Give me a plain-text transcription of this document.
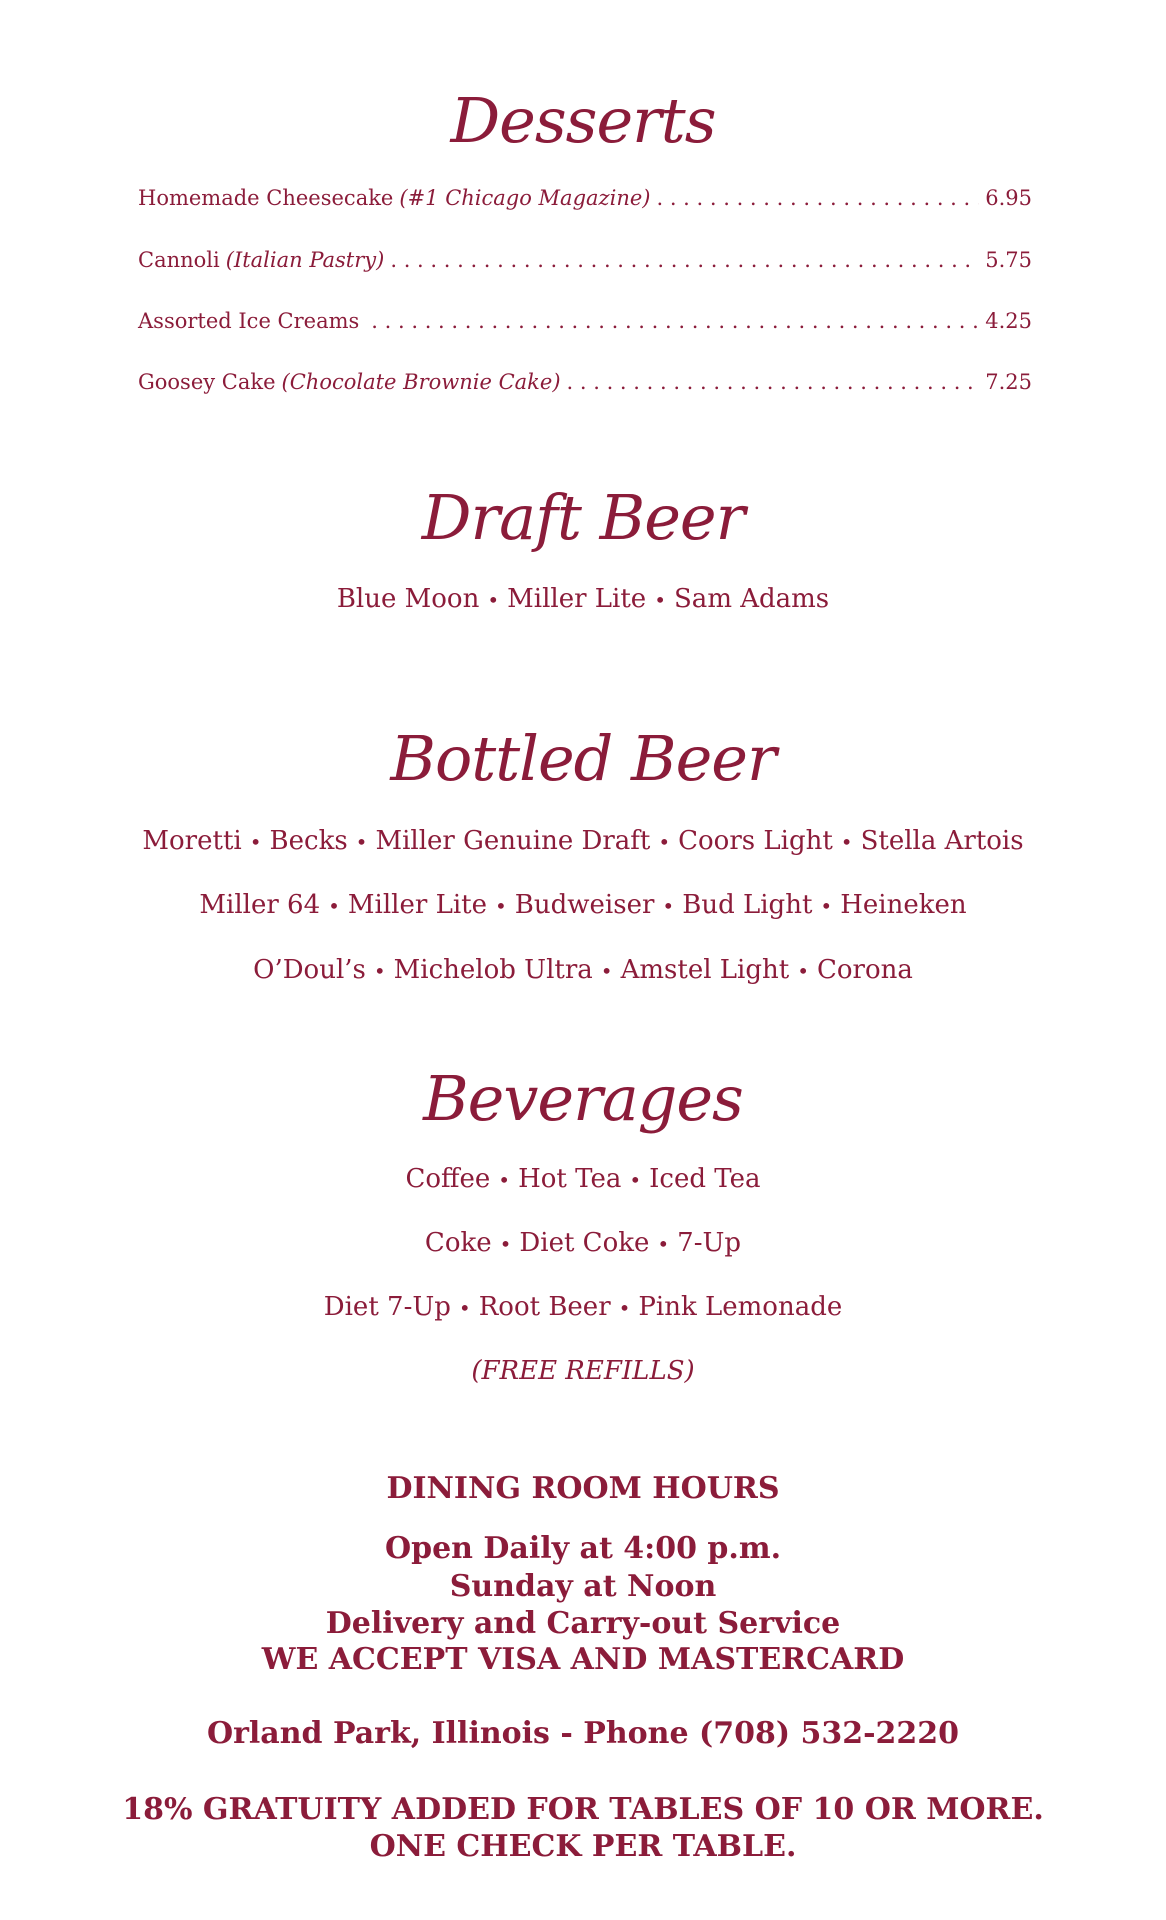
Desserts
Homemade Cheesecake (#1 Chicago Magazine) . . .	6.95
Cannoli (Italian Pastry) . . .	5.75
Assorted Ice Creams . . .	4.25
Goosey Cake (Chocolate Brownie Cake) . . .	7.25
Draft Beer
Blue Moon • Miller Lite • Sam Adams
Bottled Beer
Moretti • Becks • Miller Genuine Draft • Coors Light • Stella Artois
Miller 64 • Miller Lite • Budweiser • Bud Light • Heineken
O’Doul’s • Michelob Ultra • Amstel Light • Corona
Beverages
Coffee • Hot Tea • Iced Tea
Coke • Diet Coke • 7-Up
Diet 7-Up • Root Beer • Pink Lemonade
(FREE REFILLS)
DINING ROOM HOURS
Open Daily at 4:00 p.m.
Sunday at Noon
Delivery and Carry-out Service
WE ACCEPT VISA AND MASTERCARD
Orland Park, Illinois - Phone (708) 532-2220
18% GRATUITY ADDED FOR TABLES OF 10 OR MORE.
ONE CHECK PER TABLE.
